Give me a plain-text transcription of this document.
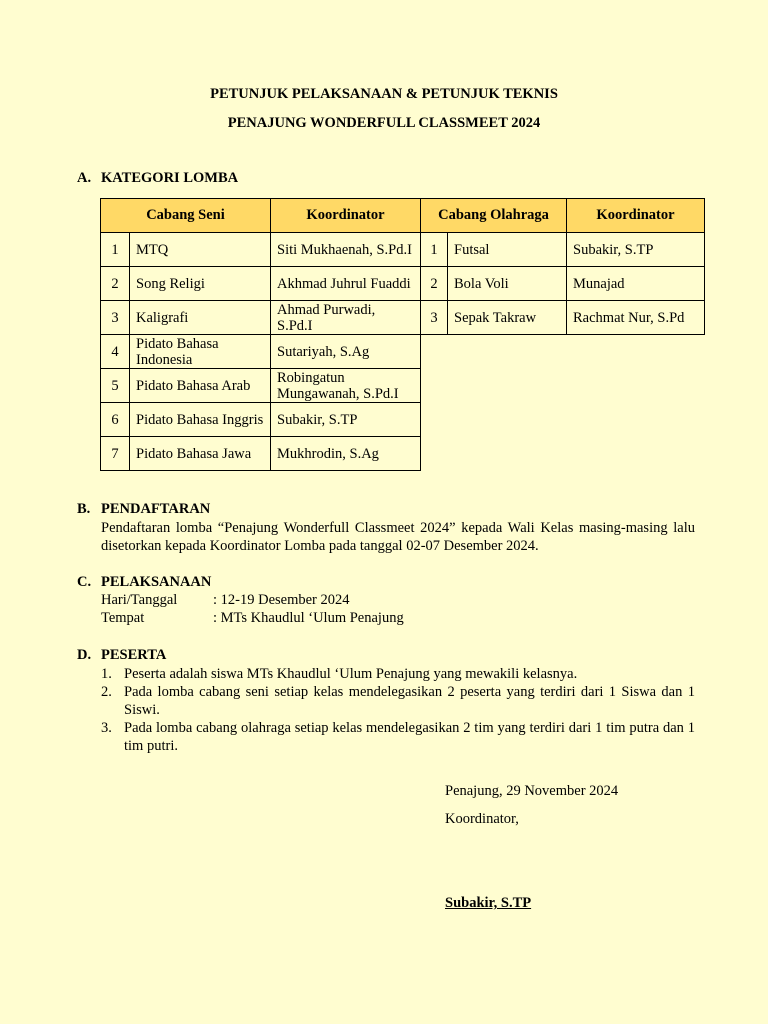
PETUNJUK PELAKSANAAN & PETUNJUK TEKNIS
PENAJUNG WONDERFULL CLASSMEET 2024
A. KATEGORI LOMBA
Cabang Seni		Koordinator	Cabang Olahraga		Koordinator
1	MTQ	Siti Mukhaenah, S.Pd.I	1	Futsal	Subakir, S.TP
2	Song Religi	Akhmad Juhrul Fuaddi	2	Bola Voli	Munajad
3	Kaligrafi	Ahmad Purwadi, S.Pd.I	3	Sepak Takraw	Rachmat Nur, S.Pd
4	Pidato Bahasa Indonesia	Sutariyah, S.Ag			
5	Pidato Bahasa Arab	Robingatun Mungawanah, S.Pd.I			
6	Pidato Bahasa Inggris	Subakir, S.TP			
7	Pidato Bahasa Jawa	Mukhrodin, S.Ag			
B. PENDAFTARAN
Pendaftaran lomba “Penajung Wonderfull Classmeet 2024” kepada Wali Kelas masing-masing lalu disetorkan kepada Koordinator Lomba pada tanggal 02-07 Desember 2024.
C. PELAKSANAAN
Hari/Tanggal : 12-19 Desember 2024
Tempat	: MTs Khaudlul ‘Ulum Penajung
D. PESERTA
1. Peserta adalah siswa MTs Khaudlul ‘Ulum Penajung yang mewakili kelasnya.
2. Pada lomba cabang seni setiap kelas mendelegasikan 2 peserta yang terdiri dari 1 Siswa dan 1 Siswi.
3. Pada lomba cabang olahraga setiap kelas mendelegasikan 2 tim yang terdiri dari 1 tim putra dan 1 tim putri.
Penajung, 29 November 2024
Koordinator,
Subakir, S.TP
